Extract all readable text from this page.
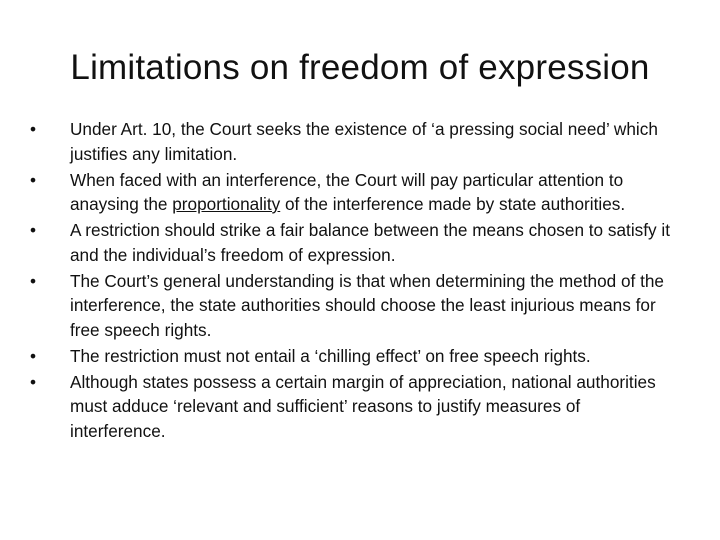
Limitations on freedom of expression
•	Under Art. 10, the Court seeks the existence of ‘a pressing social need’ which justifies any limitation.
•	When faced with an interference, the Court will pay particular attention to anaysing the proportionality of the interference made by state authorities.
•	A restriction should strike a fair balance between the means chosen to satisfy it and the individual’s freedom of expression.
•	The Court’s general understanding is that when determining the method of the interference, the state authorities should choose the least injurious means for free speech rights.
•	The restriction must not entail a ‘chilling effect’ on free speech rights.
•	Although states possess a certain margin of appreciation, national authorities must adduce ‘relevant and sufficient’ reasons to justify measures of interference.
